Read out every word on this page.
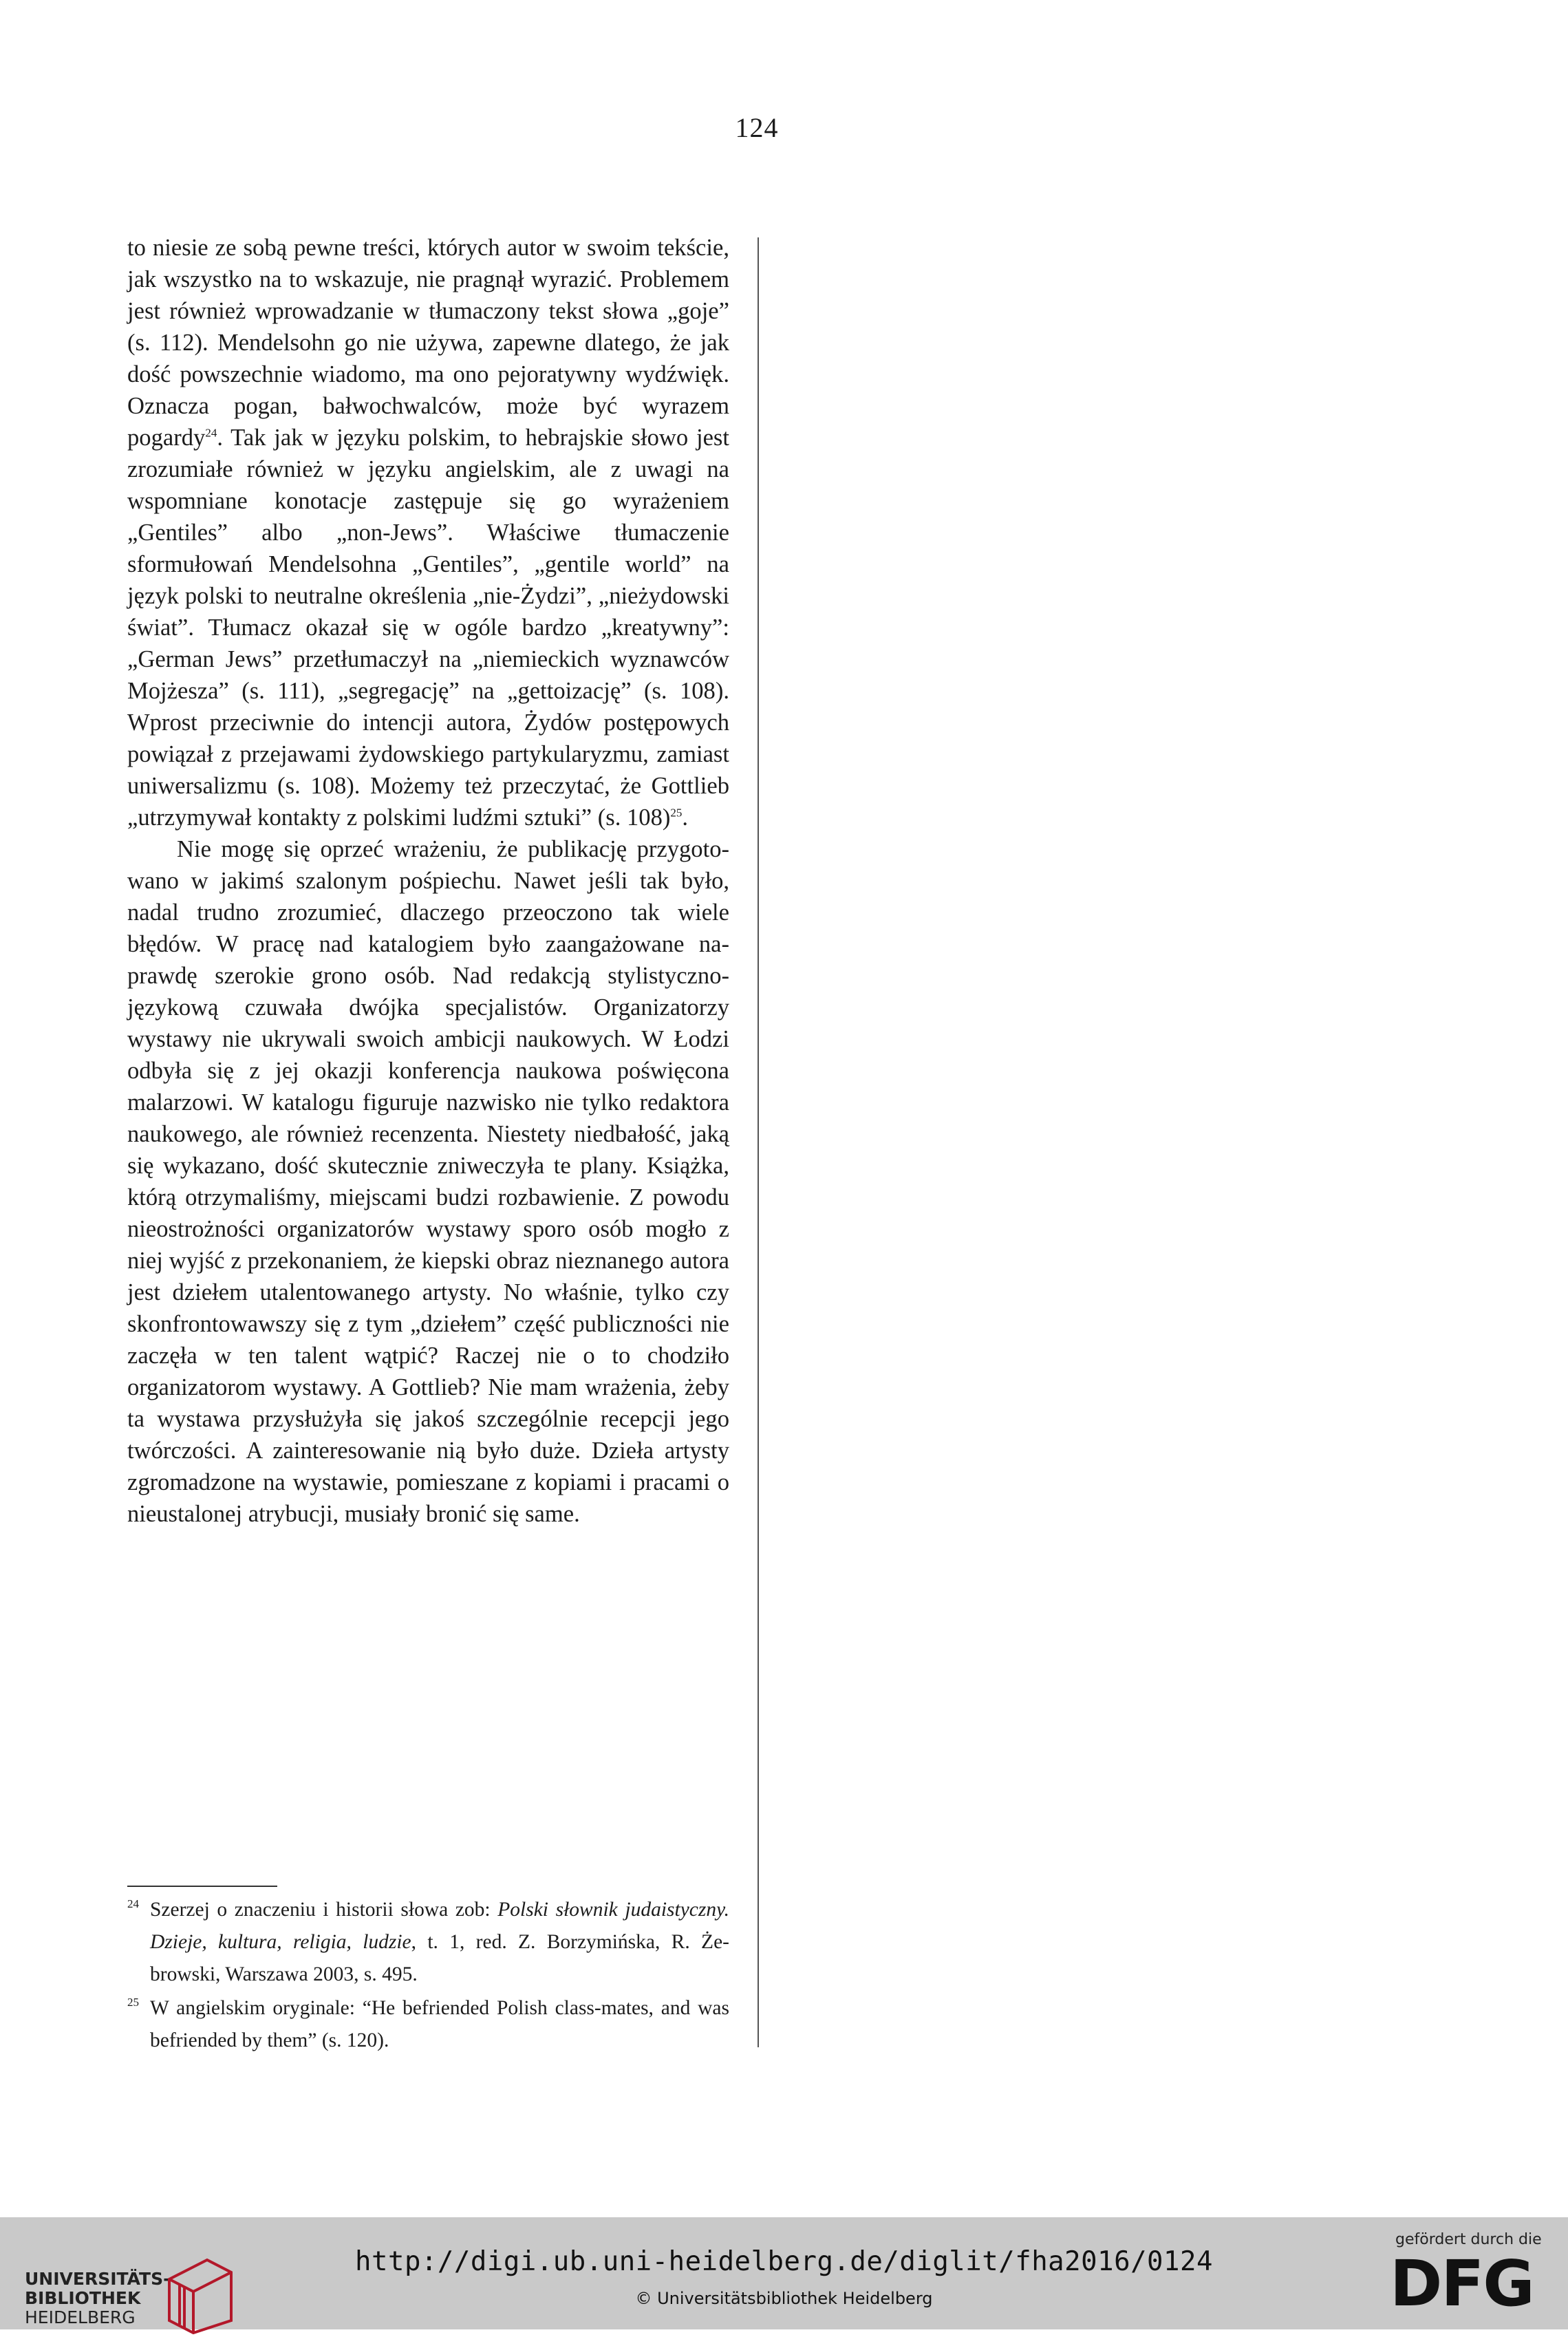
124

to niesie ze sobą pewne treści, których autor w swoim tekście, jak wszystko na to wskazuje, nie pragnął wyrazić. Problemem jest również wprowadzanie w tłumaczony tekst słowa „goje” (s. 112). Mendelsohn go nie używa, zapewne dlatego, że jak dość powszechnie wiadomo, ma ono pejoratywny wydźwięk. Oznacza pogan, bałwochwalców, może być wyrazem pogardy$^{24}$. Tak jak w języku polskim, to hebrajskie słowo jest zrozumiałe również w języku angielskim, ale z uwagi na wspomniane konotacje zastępuje się go wyrażeniem „Gentiles” albo „non-Jews”. Właściwe tłumaczenie sformułowań Mendelsohna „Gentiles”, „gentile world” na język polski to neutralne określenia „nie-Żydzi”, „nieżydowski świat”. Tłumacz okazał się w ogóle bardzo „kreatywny”: „German Jews” przetłumaczył na „niemieckich wyznawców Mojżesza” (s. 111), „segregację” na „gettoizację” (s. 108). Wprost przeciwnie do intencji autora, Żydów postępowych powiązał z przejawami żydowskiego partykularyzmu, zamiast uniwersalizmu (s. 108). Możemy też przeczytać, że Gottlieb „utrzymywał kontakty z polskimi ludźmi sztuki” (s. 108)$^{25}$.

Nie mogę się oprzeć wrażeniu, że publikację przygotowano w jakimś szalonym pośpiechu. Nawet jeśli tak było, nadal trudno zrozumieć, dlaczego przeoczono tak wiele błędów. W pracę nad katalogiem było zaangażowane naprawdę szerokie grono osób. Nad redakcją stylistyczno-językową czuwała dwójka specjalistów. Organizatorzy wystawy nie ukrywali swoich ambicji naukowych. W Łodzi odbyła się z jej okazji konferencja naukowa poświęcona malarzowi. W katalogu figuruje nazwisko nie tylko redaktora naukowego, ale również recenzenta. Niestety niedbałość, jaką się wykazano, dość skutecznie zniweczyła te plany. Książka, którą otrzymaliśmy, miejscami budzi rozbawienie. Z powodu nieostrożności organizatorów wystawy sporo osób mogło z niej wyjść z przekonaniem, że kiepski obraz nieznanego autora jest dziełem utalentowanego artysty. No właśnie, tylko czy skonfrontowawszy się z tym „dziełem” część publiczności nie zaczęła w ten talent wątpić? Raczej nie o to chodziło organizatorom wystawy. A Gottlieb? Nie mam wrażenia, żeby ta wystawa przysłużyła się jakoś szczególnie recepcji jego twórczości. A zainteresowanie nią było duże. Dzieła artysty zgromadzone na wystawie, pomieszane z kopiami i pracami o nieustalonej atrybucji, musiały bronić się same.

24 Szerzej o znaczeniu i historii słowa zob: Polski słownik judaistyczny. Dzieje, kultura, religia, ludzie, t. 1, red. Z. Borzymińska, R. Żebrowski, Warszawa 2003, s. 495.
25 W angielskim oryginale: “He befriended Polish class-mates, and was befriended by them” (s. 120).
UNIVERSITÄTS-
BIBLIOTHEK
HEIDELBERG
http://digi.ub.uni-heidelberg.de/diglit/fha2016/0124
© Universitätsbibliothek Heidelberg
gefördert durch die
DFG
